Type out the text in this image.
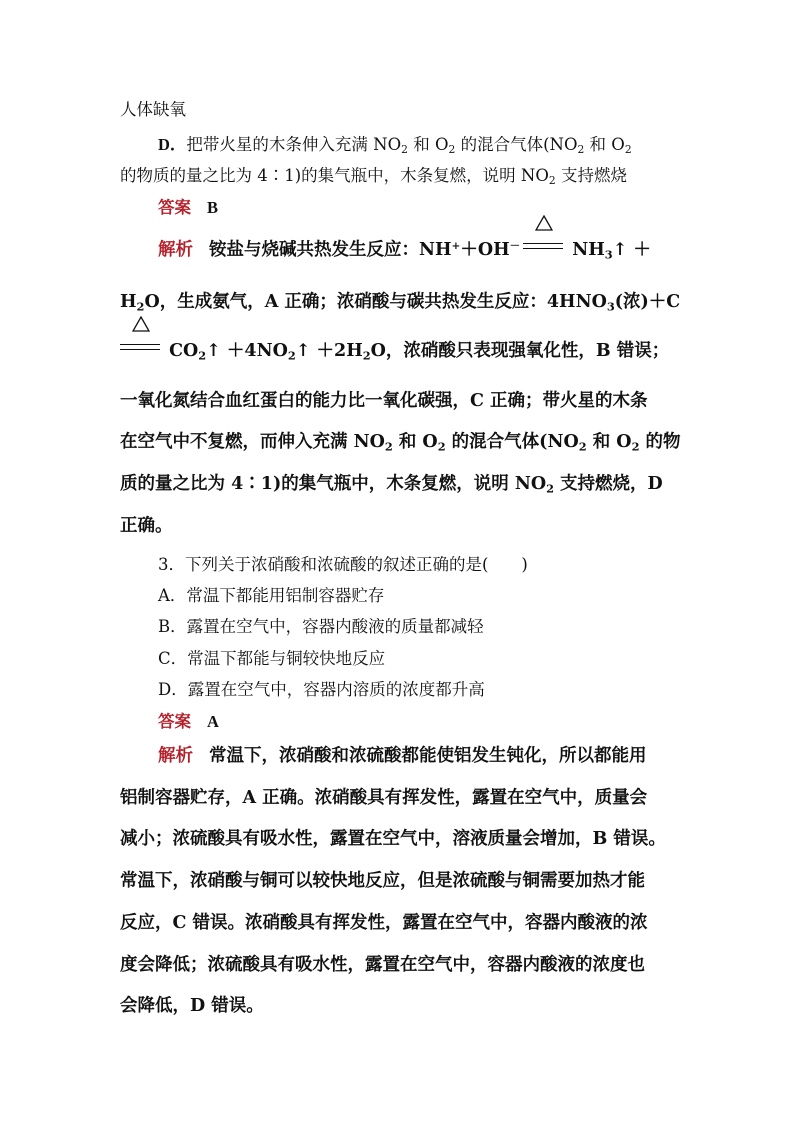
人体缺氧
D．把带火星的木条伸入充满 $NO_2$ 和 $O_2$ 的混合气体($NO_2$ 和 $O_2$
的物质的量之比为 4∶1)的集气瓶中，木条复燃，说明 $NO_2$ 支持燃烧
答案 B
解析 铵盐与烧碱共热发生反应：NH+＋OH－	$NH_3↑$ ＋
$H_2O$，生成氨气，A 正确；浓硝酸与碳共热发生反应：$4HNO_3$(浓)＋C
$CO_2↑$ $+4NO_2↑ +2H_2O$，浓硝酸只表现强氧化性，B 错误；
一氧化氮结合血红蛋白的能力比一氧化碳强，C 正确；带火星的木条
在空气中不复燃，而伸入充满 $NO_2$ 和 $O_2$ 的混合气体($NO_2$ 和 $O_2$ 的物
质的量之比为 4∶1)的集气瓶中，木条复燃，说明 $NO_2$ 支持燃烧，D
正确。
3．下列关于浓硝酸和浓硫酸的叙述正确的是(　　)
A．常温下都能用铝制容器贮存
B．露置在空气中，容器内酸液的质量都减轻
C．常温下都能与铜较快地反应
D．露置在空气中，容器内溶质的浓度都升高
答案 A
解析 常温下，浓硝酸和浓硫酸都能使铝发生钝化，所以都能用
铝制容器贮存，A 正确。浓硝酸具有挥发性，露置在空气中，质量会
减小；浓硫酸具有吸水性，露置在空气中，溶液质量会增加，B 错误。
常温下，浓硝酸与铜可以较快地反应，但是浓硫酸与铜需要加热才能
反应，C 错误。浓硝酸具有挥发性，露置在空气中，容器内酸液的浓
度会降低；浓硫酸具有吸水性，露置在空气中，容器内酸液的浓度也
会降低，D 错误。
